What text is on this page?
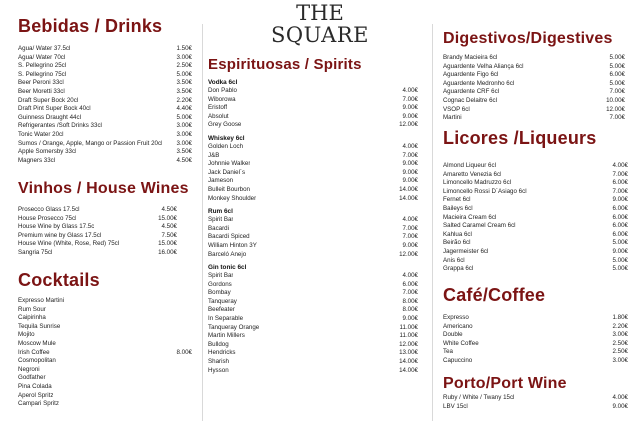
THE
SQUARE
Bebidas / Drinks
Agua/ Water 37.5cl	1.50€
Agua/ Water 70cl	3.00€
S. Pellegrino 25cl	2.50€
S. Pellegrino 75cl	5.00€
Beer Peroni 33cl	3.50€
Beer Moretti 33cl	3.50€
Draft Super Bock 20cl	2.20€
Draft Pint Super Bock 40cl	4.40€
Guinness Draught 44cl	5.00€
Refrigerantes /Soft Drinks 33cl	3.00€
Tonic Water 20cl	3.00€
Sumos / Orange, Apple, Mango or Passion Fruit 20cl	3.00€
Apple Somersby 33cl	3.50€
Magners 33cl	4.50€
Vinhos / House Wines
Prosecco Glass 17.5cl	4.50€
House Prosecco 75cl	15.00€
House Wine by Glass 17.5c	4.50€
Premium wine by Glass 17.5cl	7.50€
House Wine (White, Rose, Red) 75cl	15.00€
Sangria 75cl	16.00€
Cocktails
Expresso Martini
Rum Sour
Caipirinha
Tequila Sunrise
Mojito
Moscow Mule
Irish Coffee	8.00€
Cosmopolitan
Negroni
Godfather
Pina Colada
Aperol Spritz
Campari Spritz
Espirituosas / Spirits
Vodka 6cl
Don Pablo	4.00€
Wiborowa	7.00€
Eristoff	9.00€
Absolut	9.00€
Grey Goose	12.00€
Whiskey 6cl
Golden Loch	4.00€
J&B	7.00€
Johnnie Walker	9.00€
Jack Daniel´s	9.00€
Jameson	9.00€
Bulleit Bourbon	14.00€
Monkey Shoulder	14.00€
Rum 6cl
Spirit Bar	4.00€
Bacardi	7.00€
Bacardi Spiced	7.00€
William Hinton 3Y	9.00€
Barceló Anejo	12.00€
Gin tonic 6cl
Spirit Bar	4.00€
Gordons	6.00€
Bombay	7.00€
Tanqueray	8.00€
Beefeater	8.00€
In Separable	9.00€
Tanqueray Orange	11.00€
Martin Millers	11.00€
Bulldog	12.00€
Hendricks	13.00€
Sharish	14.00€
Hysson	14.00€
Digestivos/Digestives
Brandy Macieira 6cl	5.00€
Aguardente Velha Aliança 6cl	5.00€
Aguardente Figo 6cl	6.00€
Aguardente Medronho 6cl	5.00€
Aguardente CRF 6cl	7.00€
Cognac Delaitre 6cl	10.00€
VSOP 6cl	12.00€
Martini	7.00€
Licores /Liqueurs
Almond Liqueur 6cl	4.00€
Amaretto Venezia 6cl	7.00€
Limoncello Madruzzo 6cl	6.00€
Limoncello Rossi D´Asiago 6cl	7.00€
Fernet 6cl	9.00€
Baileys 6cl	6.00€
Macieira Cream 6cl	6.00€
Salted Caramel Cream 6cl	6.00€
Kahlua 6cl	6.00€
Beirão 6cl	5.00€
Jagermeister 6cl	9.00€
Anis 6cl	5.00€
Grappa 6cl	5.00€
Café/Coffee
Expresso	1.80€
Americano	2.20€
Double	3.00€
White Coffee	2.50€
Tea	2.50€
Capuccino	3.00€
Porto/Port Wine
Ruby / White / Twany 15cl	4.00€
LBV 15cl	9.00€
